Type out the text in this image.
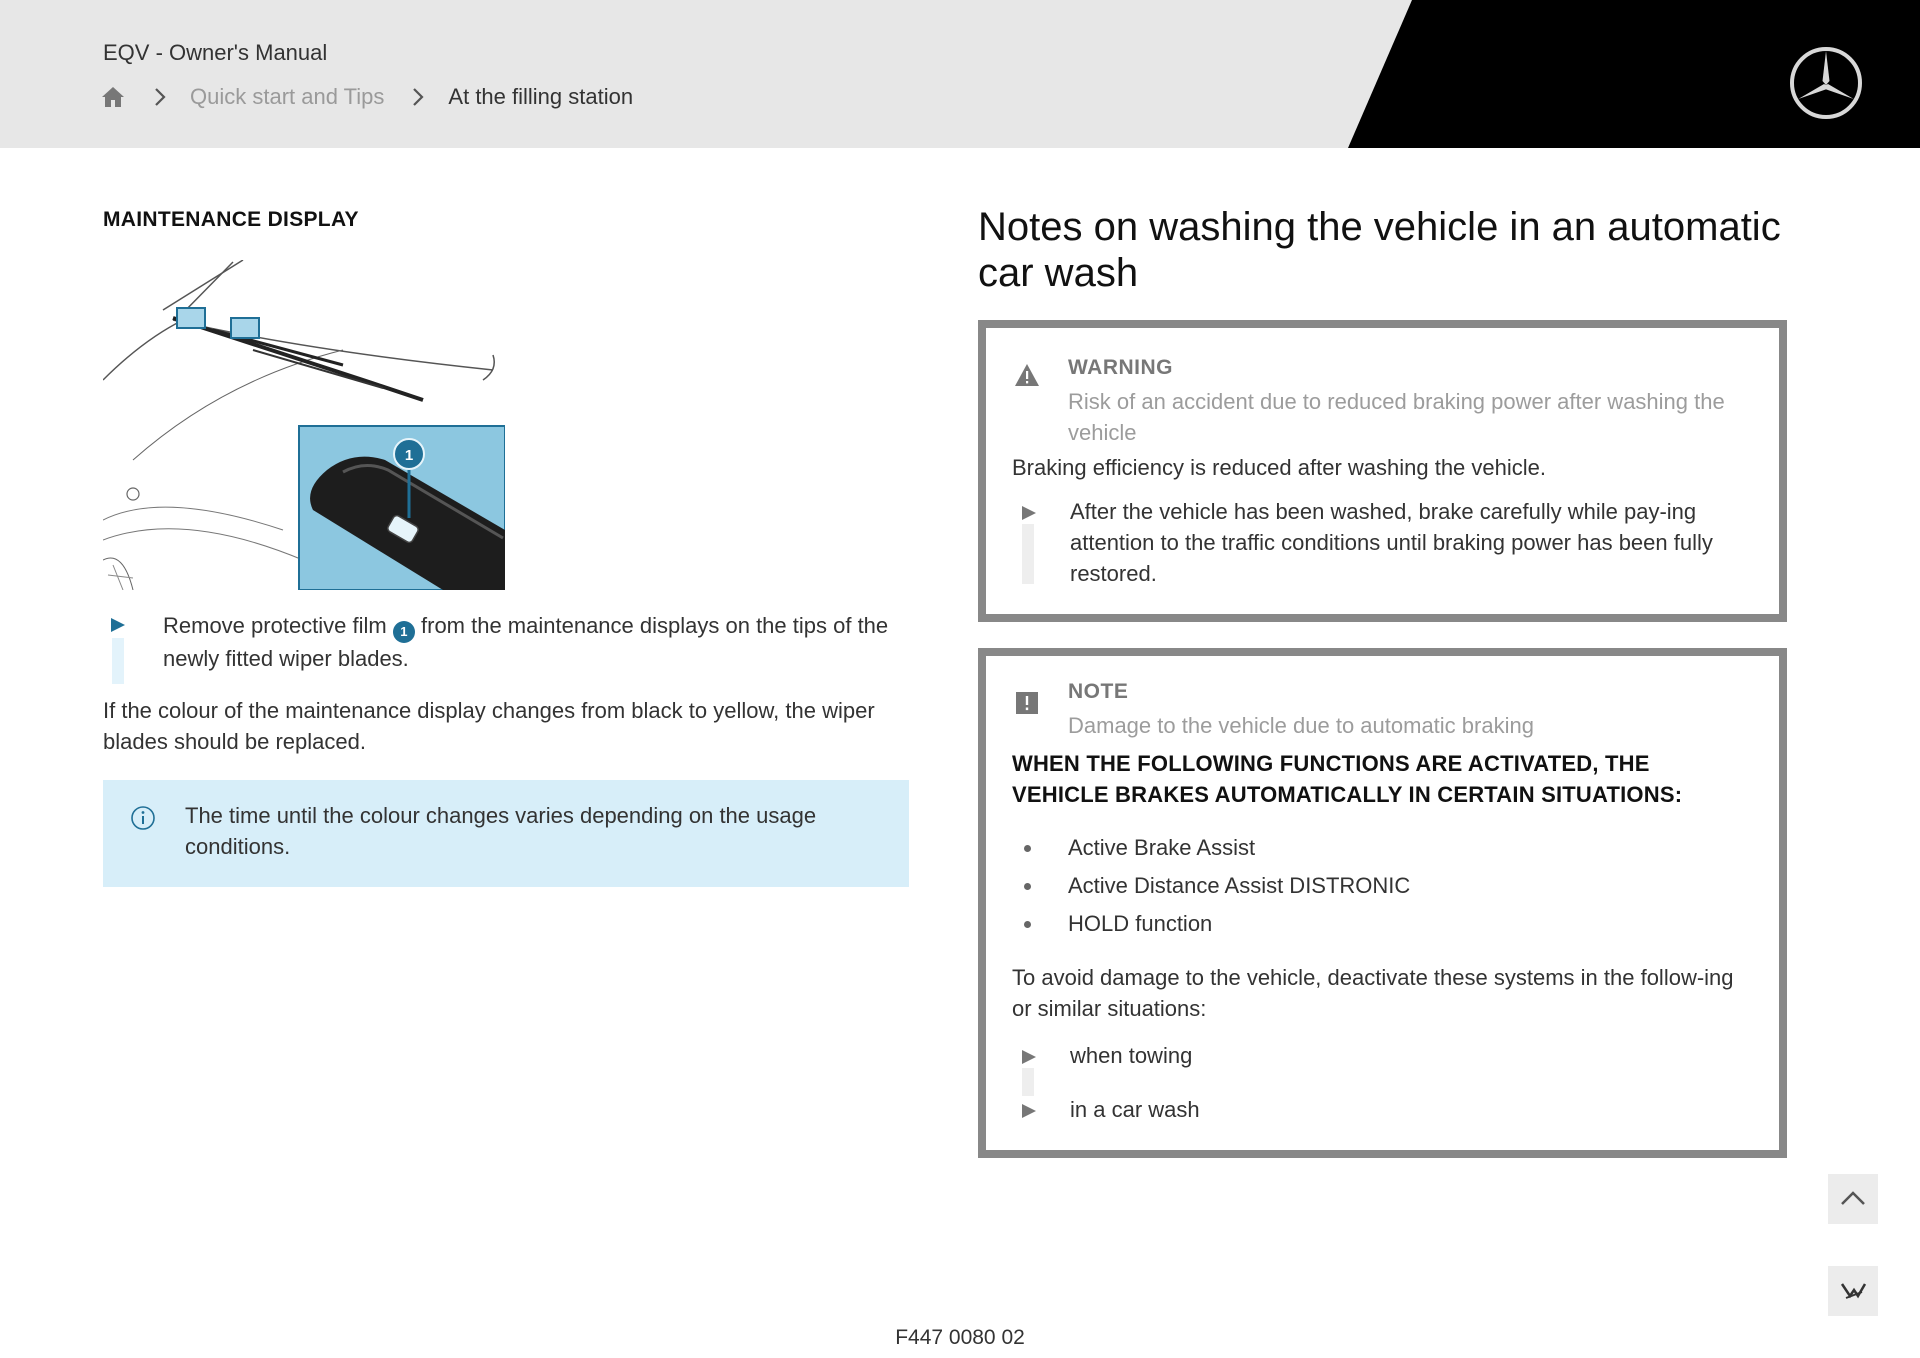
EQV - Owner's Manual
Quick start and Tips	At the filling station
MAINTENANCE DISPLAY
1
Remove protective film 1 from the maintenance displays on the tips of the newly fitted wiper blades.
If the colour of the maintenance display changes from black to yellow, the wiper blades should be replaced.
The time until the colour changes varies depending on the usage conditions.
Notes on washing the vehicle in an automatic car wash
WARNING
Risk of an accident due to reduced braking power after washing the vehicle
Braking efficiency is reduced after washing the vehicle.
After the vehicle has been washed, brake carefully while pay-ing attention to the traffic conditions until braking power has been fully restored.
NOTE
Damage to the vehicle due to automatic braking
WHEN THE FOLLOWING FUNCTIONS ARE ACTIVATED, THE VEHICLE BRAKES AUTOMATICALLY IN CERTAIN SITUATIONS:
Active Brake Assist
Active Distance Assist DISTRONIC
HOLD function
To avoid damage to the vehicle, deactivate these systems in the follow-ing or similar situations:
when towing
in a car wash
F447 0080 02
